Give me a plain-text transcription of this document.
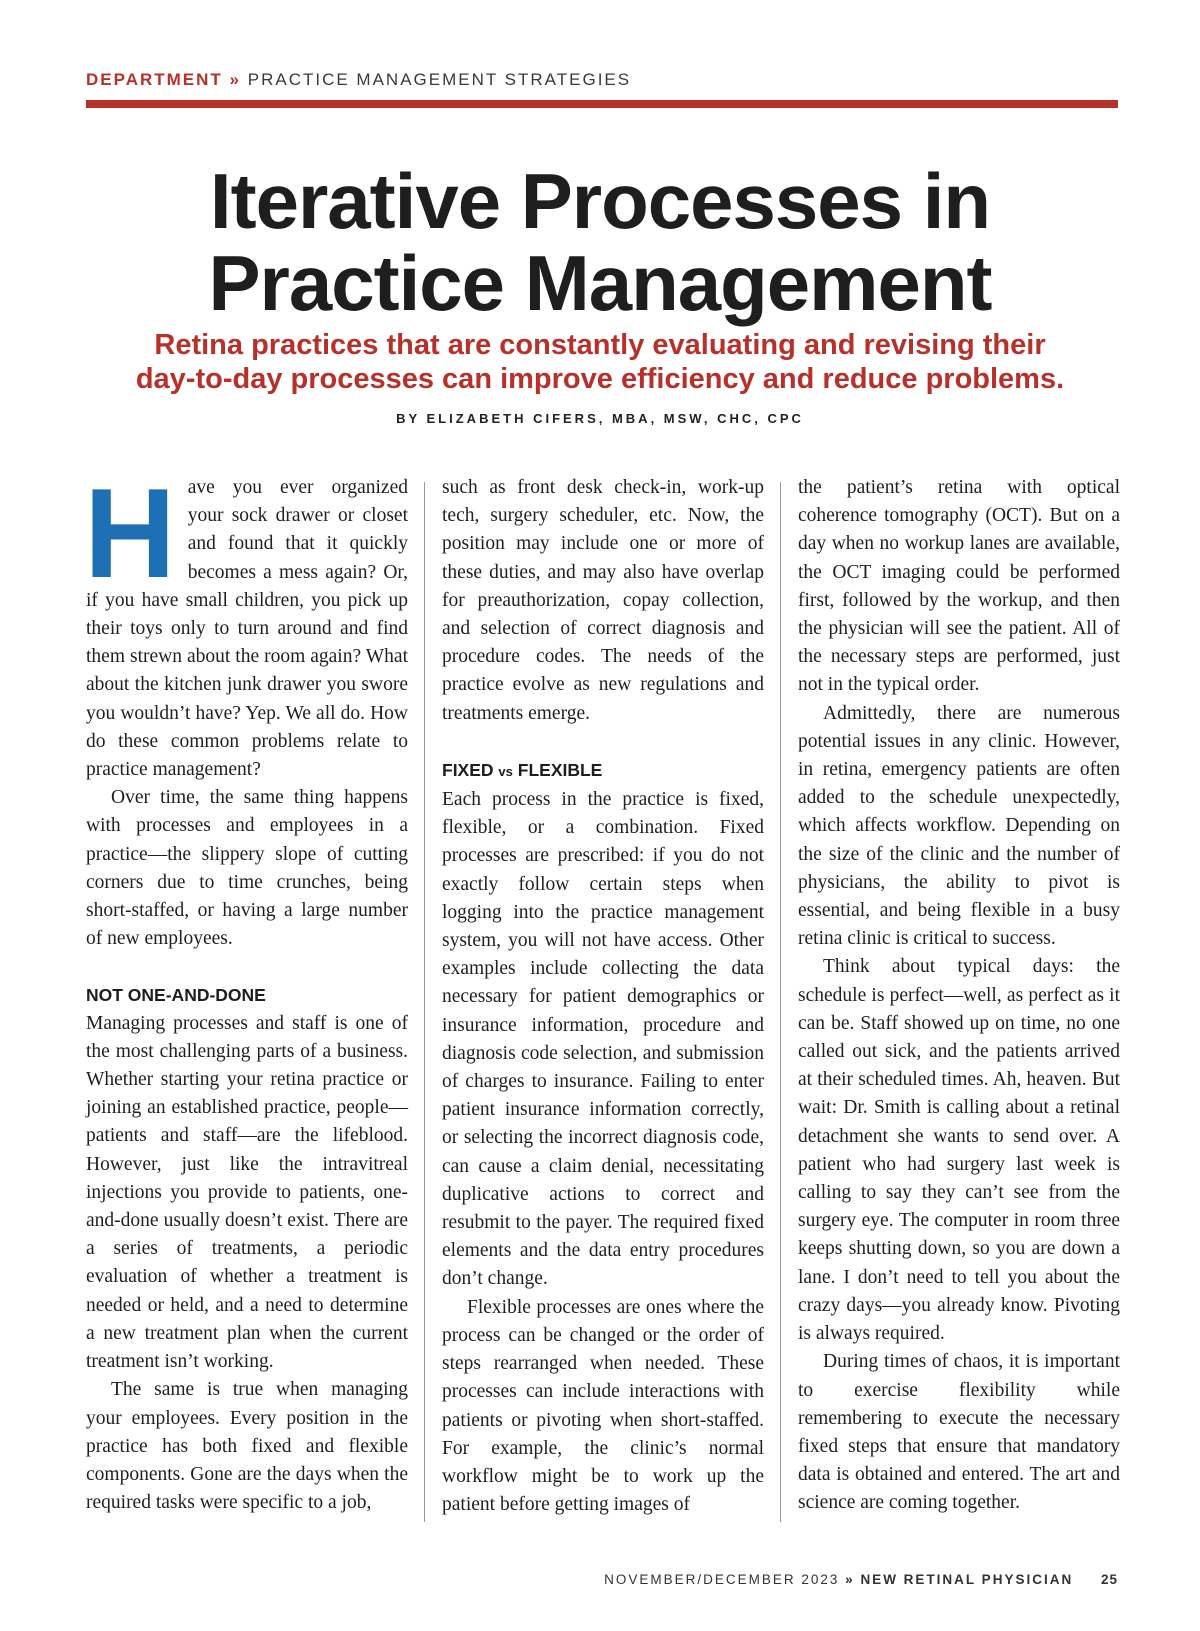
DEPARTMENT » PRACTICE MANAGEMENT STRATEGIES
Iterative Processes in
Practice Management
Retina practices that are constantly evaluating and revising their
day-to-day processes can improve efficiency and reduce problems.
BY ELIZABETH CIFERS, MBA, MSW, CHC, CPC

H ave you ever organized your sock drawer or closet and found that it quickly becomes a mess again? Or, if you have small children, you pick up their toys only to turn around and find them strewn about the room again? What about the kitchen junk drawer you swore you wouldn’t have? Yep. We all do. How do these common problems relate to practice management?

Over time, the same thing happens with processes and employees in a practice—the slippery slope of cutting corners due to time crunches, being short-staffed, or having a large number of new employees.

NOT ONE-AND-DONE

Managing processes and staff is one of the most challenging parts of a business. Whether starting your retina practice or joining an established practice, people—patients and staff—are the lifeblood. However, just like the intravitreal injections you provide to patients, one-and-done usually doesn’t exist. There are a series of treatments, a periodic evaluation of whether a treatment is needed or held, and a need to determine a new treatment plan when the current treatment isn’t working.

The same is true when managing your employees. Every position in the practice has both fixed and flexible components. Gone are the days when the required tasks were specific to a job,

such as front desk check-in, work-up tech, surgery scheduler, etc. Now, the position may include one or more of these duties, and may also have overlap for preauthorization, copay collection, and selection of correct diagnosis and procedure codes. The needs of the practice evolve as new regulations and treatments emerge.

FIXED vs FLEXIBLE

Each process in the practice is fixed, flexible, or a combination. Fixed processes are prescribed: if you do not exactly follow certain steps when logging into the practice management system, you will not have access. Other examples include collecting the data necessary for patient demographics or insurance information, procedure and diagnosis code selection, and submission of charges to insurance. Failing to enter patient insurance information correctly, or selecting the incorrect diagnosis code, can cause a claim denial, necessitating duplicative actions to correct and resubmit to the payer. The required fixed elements and the data entry procedures don’t change.

Flexible processes are ones where the process can be changed or the order of steps rearranged when needed. These processes can include interactions with patients or pivoting when short-staffed. For example, the clinic’s normal workflow might be to work up the patient before getting images of

the patient’s retina with optical coherence tomography (OCT). But on a day when no workup lanes are available, the OCT imaging could be performed first, followed by the workup, and then the physician will see the patient. All of the necessary steps are performed, just not in the typical order.

Admittedly, there are numerous potential issues in any clinic. However, in retina, emergency patients are often added to the schedule unexpectedly, which affects workflow. Depending on the size of the clinic and the number of physicians, the ability to pivot is essential, and being flexible in a busy retina clinic is critical to success.

Think about typical days: the schedule is perfect—well, as perfect as it can be. Staff showed up on time, no one called out sick, and the patients arrived at their scheduled times. Ah, heaven. But wait: Dr. Smith is calling about a retinal detachment she wants to send over. A patient who had surgery last week is calling to say they can’t see from the surgery eye. The computer in room three keeps shutting down, so you are down a lane. I don’t need to tell you about the crazy days—you already know. Pivoting is always required.

During times of chaos, it is important to exercise flexibility while remembering to execute the necessary fixed steps that ensure that mandatory data is obtained and entered. The art and science are coming together.

NOVEMBER/DECEMBER 2023 » NEW RETINAL PHYSICIAN 25
